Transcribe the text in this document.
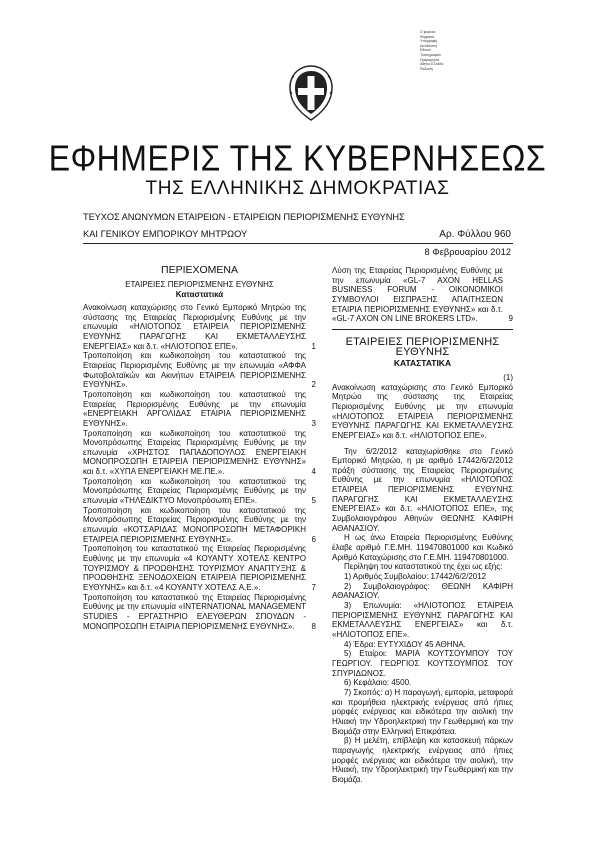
Ο φορέας
Ψηφιακά
Υπογραφή
Διεύθυνση
Εθνικό
Τυπογραφείο
Ημερομηνία
Αθήνα Ελλάδα
Έκδοση
ΕΦΗΜΕΡΙΣ ΤΗΣ ΚΥΒΕΡΝΗΣΕΩΣ
ΤΗΣ ΕΛΛΗΝΙΚΗΣ ΔΗΜΟΚΡΑΤΙΑΣ
ΤΕΥΧΟΣ ΑΝΩΝΥΜΩΝ ΕΤΑΙΡΕΙΩΝ - ΕΤΑΙΡΕΙΩΝ ΠΕΡΙΟΡΙΣΜΕΝΗΣ ΕΥΘΥΝΗΣ
ΚΑΙ ΓΕΝΙΚΟΥ ΕΜΠΟΡΙΚΟΥ ΜΗΤΡΩΟΥ	Αρ. Φύλλου 960
8 Φεβρουαρίου 2012
ΠΕΡΙΕΧΟΜΕΝΑ
ΕΤΑΙΡΕΙΕΣ ΠΕΡΙΟΡΙΣΜΕΝΗΣ ΕΥΘΥΝΗΣ
Καταστατικά
Ανακοίνωση καταχώρισης στο Γενικό Εμπορικό Μητρώο της σύστασης της Εταιρείας Περιορισμένης Ευθύνης με την επωνυμία «ΗΛΙΟΤΟΠΟΣ ΕΤΑΙΡΕΙΑ ΠΕΡΙΟΡΙΣΜΕΝΗΣ ΕΥΘΥΝΗΣ ΠΑΡΑΓΩΓΗΣ ΚΑΙ ΕΚΜΕΤΑΛΛΕΥΣΗΣ ΕΝΕΡΓΕΙΑΣ» και δ.τ. «ΗΛΙΟΤΟΠΟΣ ΕΠΕ».	1
Τροποποίηση και κωδικοποίηση του καταστατικού της Εταιρείας Περιορισμένης Ευθύνης με την επωνυμία «ΑΦΦΑ Φωτοβολταϊκών και Ακινήτων ΕΤΑΙΡΕΙΑ ΠΕΡΙΟΡΙΣΜΕΝΗΣ ΕΥΘΥΝΗΣ».	2
Τροποποίηση και κωδικοποίηση του καταστατικού της Εταιρείας Περιορισμένης Ευθύνης με την επωνυμία «ΕΝΕΡΓΕΙΑΚΗ ΑΡΓΟΛΙΔΑΣ ΕΤΑΙΡΙΑ ΠΕΡΙΟΡΙΣΜΕΝΗΣ ΕΥΘΥΝΗΣ».	3
Τροποποίηση και κωδικοποίηση του καταστατικού της Μονοπρόσωπης Εταιρείας Περιορισμένης Ευθύνης με την επωνυμία «ΧΡΗΣΤΟΣ ΠΑΠΑΔΟΠΟΥΛΟΣ ΕΝΕΡΓΕΙΑΚΗ ΜΟΝΟΠΡΟΣΩΠΗ ΕΤΑΙΡΕΙΑ ΠΕΡΙΟΡΙΣΜΕΝΗΣ ΕΥΘΥΝΗΣ» και δ.τ. «ΧΥΠΑ ΕΝΕΡΓΕΙΑΚΗ ΜΕ.ΠΕ.».	4
Τροποποίηση και κωδικοποίηση του καταστατικού της Μονοπρόσωπης Εταιρείας Περιορισμένης Ευθύνης με την επωνυμία «ΤΗΛΕΔΙΚΤΥΟ Μονοπρόσωπη ΕΠΕ».	5
Τροποποίηση και κωδικοποίηση του καταστατικού της Μονοπρόσωπης Εταιρείας Περιορισμένης Ευθύνης με την επωνυμία «ΚΟΤΣΑΡΙΔΑΣ ΜΟΝΟΠΡΟΣΩΠΗ ΜΕΤΑΦΟΡΙΚΗ ΕΤΑΙΡΕΙΑ ΠΕΡΙΟΡΙΣΜΕΝΗΣ ΕΥΘΥΝΗΣ».	6
Τροποποίηση του καταστατικού της Εταιρείας Περιορισμένης Ευθύνης με την επωνυμία «4 ΚΟΥΑΝΤΥ ΧΟΤΕΛΣ ΚΕΝΤΡΟ ΤΟΥΡΙΣΜΟΥ & ΠΡΟΩΘΗΣΗΣ ΤΟΥΡΙΣΜΟΥ ΑΝΑΠΤΥΞΗΣ & ΠΡΟΩΘΗΣΗΣ ΞΕΝΟΔΟΧΕΙΩΝ ΕΤΑΙΡΕΙΑ ΠΕΡΙΟΡΙΣΜΕΝΗΣ ΕΥΘΥΝΗΣ» και δ.τ. «4 ΚΟΥΑΝΤΥ ΧΟΤΕΛΣ Α.Ε.».	7
Τροποποίηση του καταστατικού της Εταιρείας Περιορισμένης Ευθύνης με την επωνυμία «INTERNATIONAL MANAGEMENT STUDIES - ΕΡΓΑΣΤΗΡΙΟ ΕΛΕΥΘΕΡΩΝ ΣΠΟΥΔΩΝ - ΜΟΝΟΠΡΟΣΩΠΗ ΕΤΑΙΡΙΑ ΠΕΡΙΟΡΙΣΜΕΝΗΣ ΕΥΘΥΝΗΣ».	8
Λύση της Εταιρείας Περιορισμένης Ευθύνης με την επωνυμία «GL-7 AXON HELLAS BUSINESS FORUM - ΟΙΚΟΝΟΜΙΚΟΙ ΣΥΜΒΟΥΛΟΙ ΕΙΣΠΡΑΞΗΣ ΑΠΑΙΤΗΣΕΩΝ ΕΤΑΙΡΙΑ ΠΕΡΙΟΡΙΣΜΕΝΗΣ ΕΥΘΥΝΗΣ» και δ.τ. «GL-7 AXON ON LINE BROKERS LTD».	9
ΕΤΑΙΡΕΙΕΣ ΠΕΡΙΟΡΙΣΜΕΝΗΣ ΕΥΘΥΝΗΣ
ΚΑΤΑΣΤΑΤΙΚΑ
(1)
Ανακοίνωση καταχώρισης στο Γενικό Εμπορικό Μητρώο της σύστασης της Εταιρείας Περιορισμένης Ευθύνης με την επωνυμία «ΗΛΙΟΤΟΠΟΣ ΕΤΑΙΡΕΙΑ ΠΕΡΙΟΡΙΣΜΕΝΗΣ ΕΥΘΥΝΗΣ ΠΑΡΑΓΩΓΗΣ ΚΑΙ ΕΚΜΕΤΑΛΛΕΥΣΗΣ ΕΝΕΡΓΕΙΑΣ» και δ.τ. «ΗΛΙΟΤΟΠΟΣ ΕΠΕ».
Την 6/2/2012 καταχωρίσθηκε στο Γενικό Εμπορικό Μητρώο, η με αριθμό 17442/6/2/2012 πράξη σύστασης της Εταιρείας Περιορισμένης Ευθύνης με την επωνυμία «ΗΛΙΟΤΟΠΟΣ ΕΤΑΙΡΕΙΑ ΠΕΡΙΟΡΙΣΜΕΝΗΣ ΕΥΘΥΝΗΣ ΠΑΡΑΓΩΓΗΣ ΚΑΙ ΕΚΜΕΤΑΛΛΕΥΣΗΣ ΕΝΕΡΓΕΙΑΣ» και δ.τ. «ΗΛΙΟΤΟΠΟΣ ΕΠΕ», της Συμβολαιογράφου Αθηνών ΘΕΩΝΗΣ ΚΑΦΙΡΗ ΑΘΑΝΑΣΙΟΥ.
Η ως άνω Εταιρεία Περιορισμένης Ευθύνης έλαβε αριθμό Γ.Ε.ΜΗ. 119470801000 και Κωδικό Αριθμό Καταχώρισης στο Γ.Ε.ΜΗ. 119470801000.
Περίληψη του καταστατικού της έχει ως εξής:
1) Αριθμός Συμβολαίου: 17442/6/2/2012
2) Συμβολαιογράφος: ΘΕΩΝΗ ΚΑΦΙΡΗ ΑΘΑΝΑΣΙΟΥ.
3) Επωνυμία: «ΗΛΙΟΤΟΠΟΣ ΕΤΑΙΡΕΙΑ ΠΕΡΙΟΡΙΣΜΕΝΗΣ ΕΥΘΥΝΗΣ ΠΑΡΑΓΩΓΗΣ ΚΑΙ ΕΚΜΕΤΑΛΛΕΥΣΗΣ ΕΝΕΡΓΕΙΑΣ» και δ.τ. «ΗΛΙΟΤΟΠΟΣ ΕΠΕ».
4) Έδρα: ΕΥΤΥΧΙΔΟΥ 45 ΑΘΗΝΑ.
5) Εταίροι: ΜΑΡΙΑ ΚΟΥΤΣΟΥΜΠΟΥ ΤΟΥ ΓΕΩΡΓΙΟΥ. ΓΕΩΡΓΙΟΣ ΚΟΥΤΣΟΥΜΠΟΣ ΤΟΥ ΣΠΥΡΙΔΩΝΟΣ.
6) Κεφάλαιο: 4500.
7) Σκοπός: α) Η παραγωγή, εμπορία, μεταφορά και προμήθεια ηλεκτρικής ενέργειας από ήπιες μορφές ενέργειας και ειδικότερα την αιολική την Ηλιακή την Υδροηλεκτρική την Γεωθερμική και την Βιομάζα στην Ελληνική Επικράτεια.
β) Η μελέτη, επίβλεψη και κατασκευή πάρκων παραγωγής ηλεκτρικής ενέργειας από ήπιες μορφές ενέργειας και ειδικότερα την αιολική, την Ηλιακή, την Υδροηλεκτρική την Γεωθερμική και την Βιομάζα.
